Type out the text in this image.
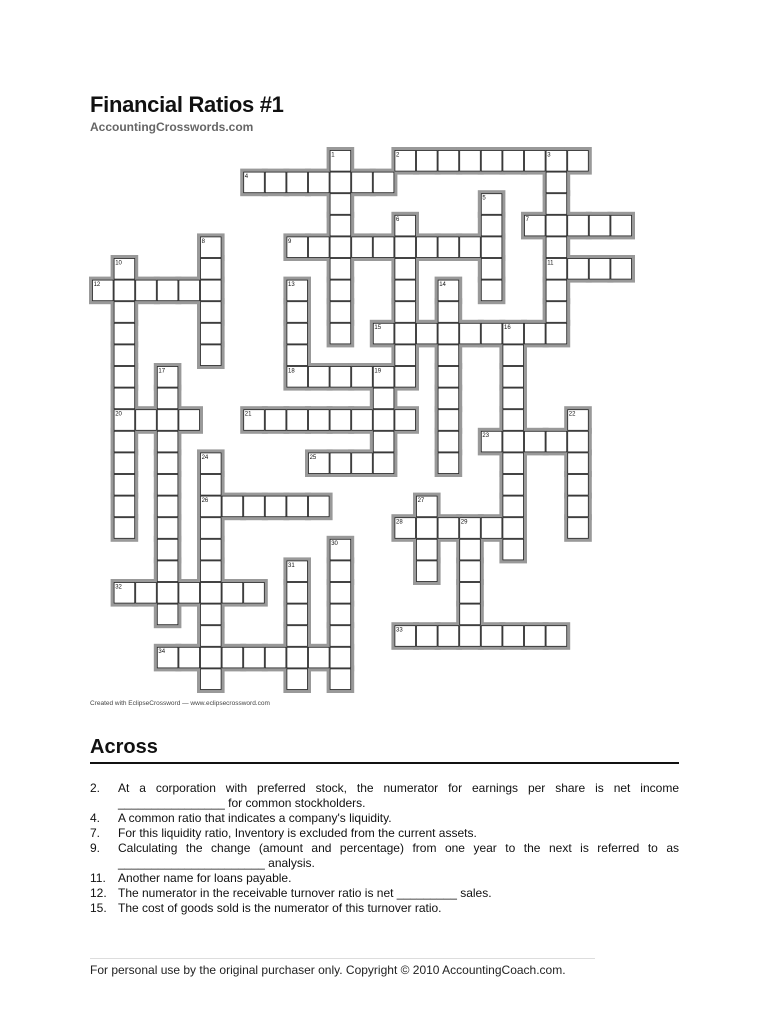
Financial Ratios #1
AccountingCrosswords.com
1	2	3
4
5
6	7
8	9
10	11
12	13	14
15	16
17	18	19
20	21	22
23
24	25
26	27
28	29
30
31
32
33
34
Created with EclipseCrossword — www.eclipsecrossword.com
Across
2.	At a corporation with preferred stock, the numerator for earnings per share is net income ________________ for common stockholders.
4.	A common ratio that indicates a company's liquidity.
7.	For this liquidity ratio, Inventory is excluded from the current assets.
9.	Calculating the change (amount and percentage) from one year to the next is referred to as ______________________ analysis.
11.	Another name for loans payable.
12. The numerator in the receivable turnover ratio is net _________ sales.
15. The cost of goods sold is the numerator of this turnover ratio.
For personal use by the original purchaser only. Copyright © 2010 AccountingCoach.com.
